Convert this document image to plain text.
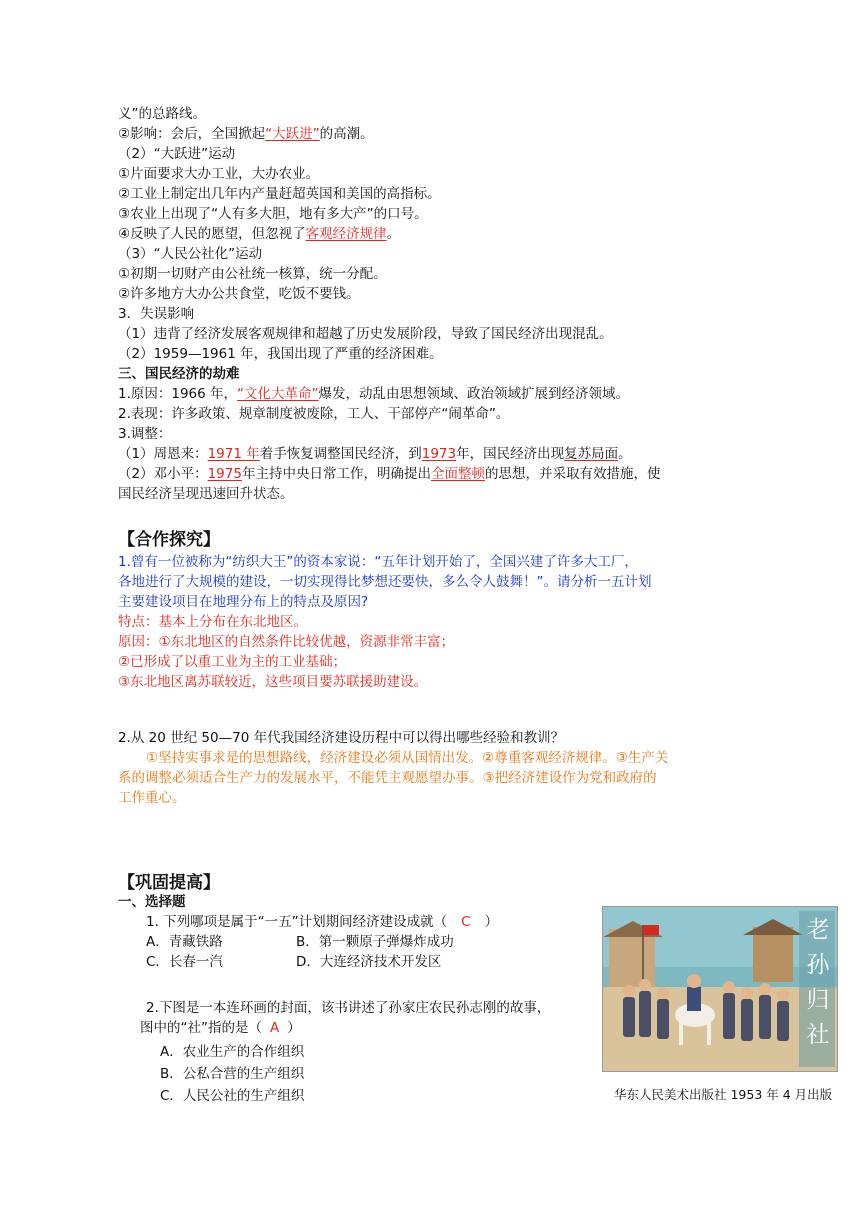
义”的总路线。
②影响：会后，全国掀起“大跃进”的高潮。
（2）“大跃进”运动
①片面要求大办工业，大办农业。
②工业上制定出几年内产量赶超英国和美国的高指标。
③农业上出现了“人有多大胆，地有多大产”的口号。
④反映了人民的愿望，但忽视了客观经济规律。
（3）“人民公社化”运动
①初期一切财产由公社统一核算，统一分配。
②许多地方大办公共食堂，吃饭不要钱。
3．失误影响
（1）违背了经济发展客观规律和超越了历史发展阶段，导致了国民经济出现混乱。
（2）1959—1961 年，我国出现了严重的经济困难。
三、国民经济的劫难
1.原因：1966 年，“文化大革命”爆发，动乱由思想领域、政治领域扩展到经济领域。
2.表现：许多政策、规章制度被废除，工人、干部停产“闹革命”。
3.调整：
（1）周恩来：1971 年着手恢复调整国民经济，到1973年，国民经济出现复苏局面。
（2）邓小平：1975年主持中央日常工作，明确提出全面整顿的思想，并采取有效措施，使
国民经济呈现迅速回升状态。
【合作探究】
1.曾有一位被称为“纺织大王”的资本家说：“五年计划开始了，全国兴建了许多大工厂，
各地进行了大规模的建设，一切实现得比梦想还要快，多么令人鼓舞！”。请分析一五计划
主要建设项目在地理分布上的特点及原因?
特点：基本上分布在东北地区。
原因：①东北地区的自然条件比较优越，资源非常丰富；
②已形成了以重工业为主的工业基础；
③东北地区离苏联较近，这些项目要苏联援助建设。
2.从 20 世纪 50—70 年代我国经济建设历程中可以得出哪些经验和教训？
①坚持实事求是的思想路线，经济建设必须从国情出发。②尊重客观经济规律。③生产关
系的调整必须适合生产力的发展水平，不能凭主观愿望办事。③把经济建设作为党和政府的
工作重心。
【巩固提高】
一、选择题
1. 下列哪项是属于“一五”计划期间经济建设成就（ C ）
A．青藏铁路	B．第一颗原子弹爆炸成功
C．长春一汽	D．大连经济技术开发区
2.下图是一本连环画的封面，该书讲述了孙家庄农民孙志刚的故事，
图中的“社”指的是（ A ）
A．农业生产的合作组织
B．公私合营的生产组织
C．人民公社的生产组织
老孙归社
华东人民美术出版社 1953 年 4 月出版
